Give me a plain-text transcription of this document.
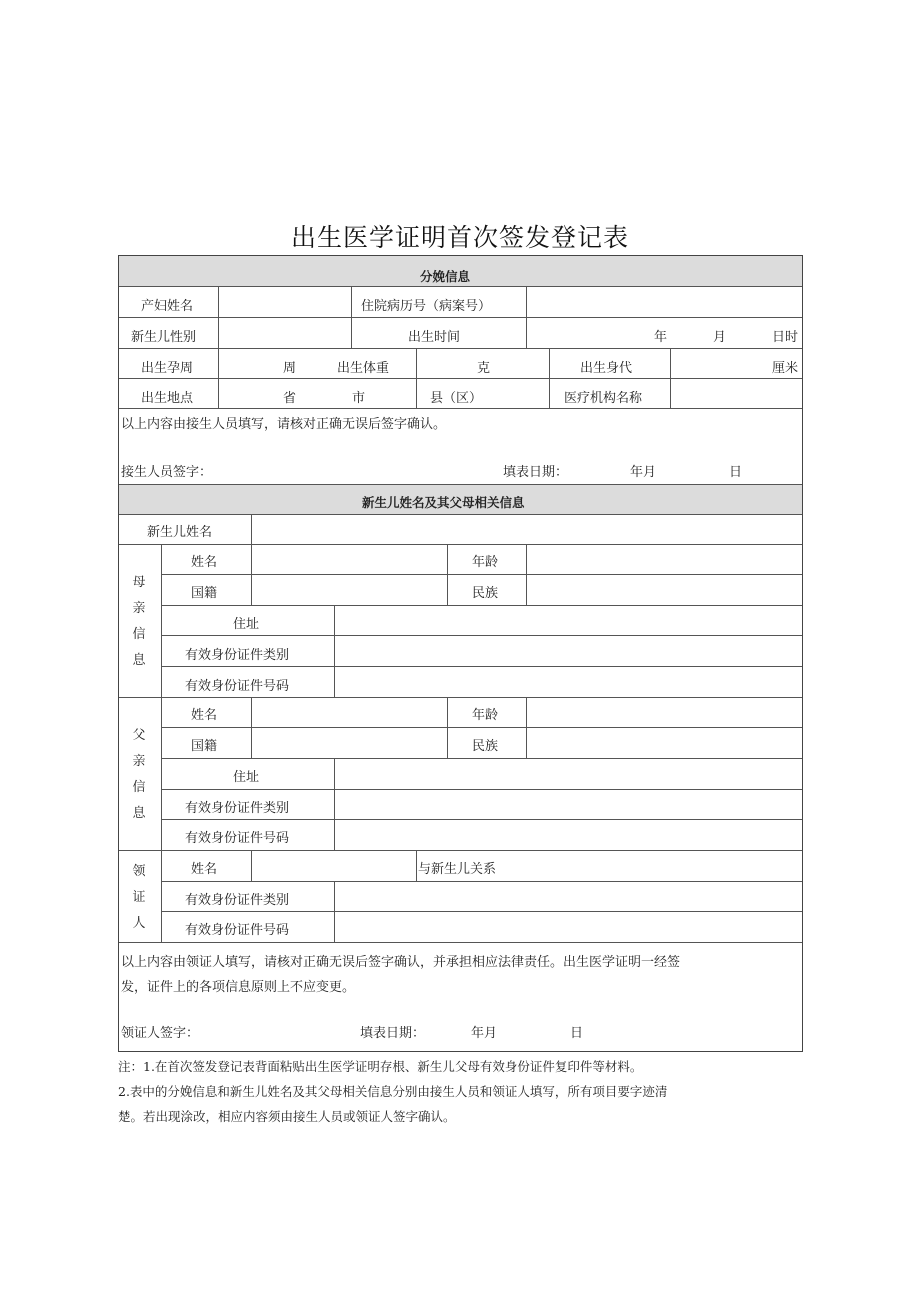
出生医学证明首次签发登记表
分娩信息
产妇姓名	住院病历号（病案号）
新生儿性别	出生时间	年	月	日时
出生孕周	周	出生体重	克	出生身代	厘米
出生地点	省	市	县（区）	医疗机构名称
以上内容由接生人员填写，请核对正确无误后签字确认。
接生人员签字：	填表日期：	年月	日
新生儿姓名及其父母相关信息
新生儿姓名
母
亲
信
息
姓名	年龄
国籍	民族
住址
有效身份证件类别
有效身份证件号码
父
亲
信
息
姓名	年龄
国籍	民族
住址
有效身份证件类别
有效身份证件号码
领
证
人
姓名	与新生儿关系
有效身份证件类别
有效身份证件号码
以上内容由领证人填写，请核对正确无误后签字确认，并承担相应法律责任。出生医学证明一经签
发，证件上的各项信息原则上不应变更。
领证人签字：	填表日期：	年月	日
注：1.在首次签发登记表背面粘贴出生医学证明存根、新生儿父母有效身份证件复印件等材料。
2.表中的分娩信息和新生儿姓名及其父母相关信息分别由接生人员和领证人填写，所有项目要字迹清
楚。若出现涂改，相应内容须由接生人员或领证人签字确认。
